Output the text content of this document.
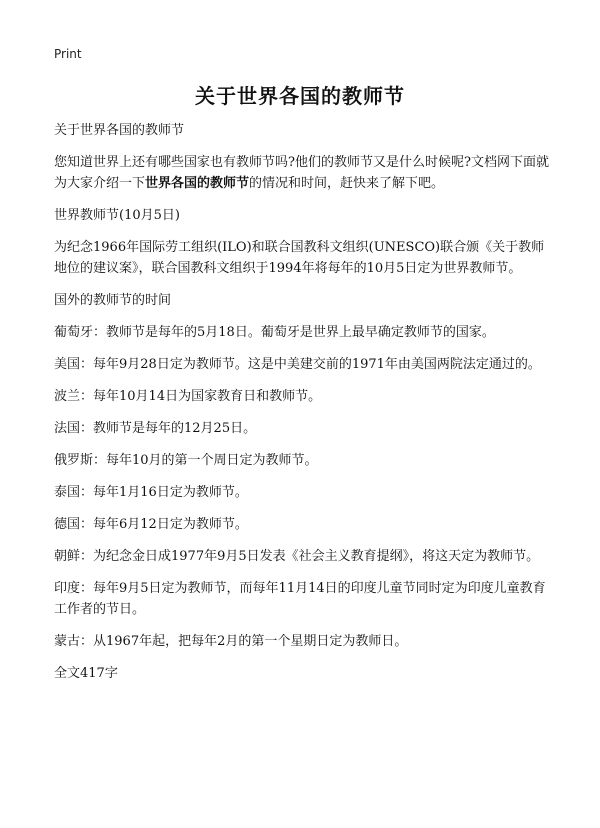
Print
关于世界各国的教师节

关于世界各国的教师节

您知道世界上还有哪些国家也有教师节吗?他们的教师节又是什么时候呢?文档网下面就为大家介绍一下世界各国的教师节的情况和时间，赶快来了解下吧。

世界教师节(10月5日)

为纪念1966年国际劳工组织(ILO)和联合国教科文组织(UNESCO)联合颁《关于教师地位的建议案》，联合国教科文组织于1994年将每年的10月5日定为世界教师节。

国外的教师节的时间

葡萄牙：教师节是每年的5月18日。葡萄牙是世界上最早确定教师节的国家。

美国：每年9月28日定为教师节。这是中美建交前的1971年由美国两院法定通过的。

波兰：每年10月14日为国家教育日和教师节。

法国：教师节是每年的12月25日。

俄罗斯：每年10月的第一个周日定为教师节。

泰国：每年1月16日定为教师节。

德国：每年6月12日定为教师节。

朝鲜：为纪念金日成1977年9月5日发表《社会主义教育提纲》，将这天定为教师节。

印度：每年9月5日定为教师节，而每年11月14日的印度儿童节同时定为印度儿童教育工作者的节日。

蒙古：从1967年起，把每年2月的第一个星期日定为教师日。

全文417字
